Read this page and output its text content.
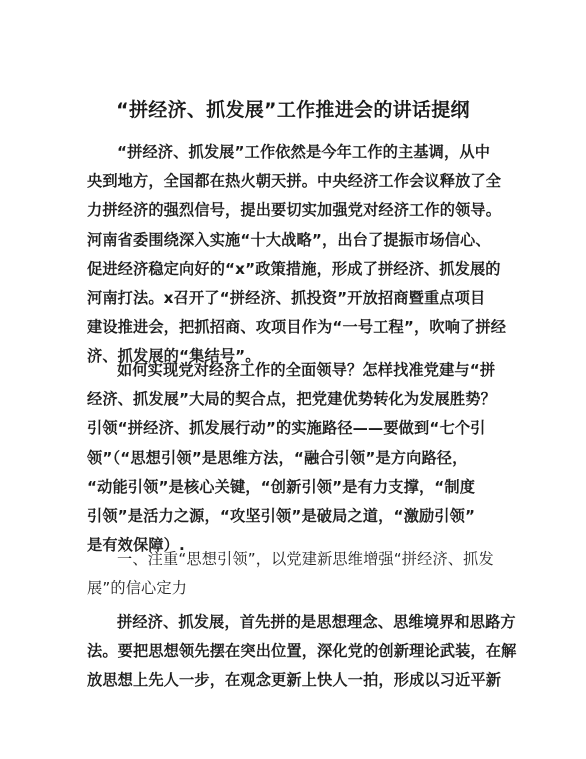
“拼经济、抓发展”工作推进会的讲话提纲
“拼经济、抓发展”工作依然是今年工作的主基调，从中
央到地方，全国都在热火朝天拼。中央经济工作会议释放了全
力拼经济的强烈信号，提出要切实加强党对经济工作的领导。
河南省委围绕深入实施“十大战略”，出台了提振市场信心、
促进经济稳定向好的“x”政策措施，形成了拼经济、抓发展的
河南打法。x召开了“拼经济、抓投资”开放招商暨重点项目
建设推进会，把抓招商、攻项目作为“一号工程”，吹响了拼经
济、抓发展的“集结号”。
如何实现党对经济工作的全面领导？怎样找准党建与“拼
经济、抓发展”大局的契合点，把党建优势转化为发展胜势？
引领“拼经济、抓发展行动”的实施路径——要做到“七个引
领”（“思想引领”是思维方法，“融合引领”是方向路径，
“动能引领”是核心关键，“创新引领”是有力支撑，“制度
引领”是活力之源，“攻坚引领”是破局之道，“激励引领”
是有效保障）.
一、注重“思想引领”，以党建新思维增强“拼经济、抓发
展”的信心定力
拼经济、抓发展，首先拼的是思想理念、思维境界和思路方
法。要把思想领先摆在突出位置，深化党的创新理论武装，在解
放思想上先人一步，在观念更新上快人一拍，形成以习近平新
